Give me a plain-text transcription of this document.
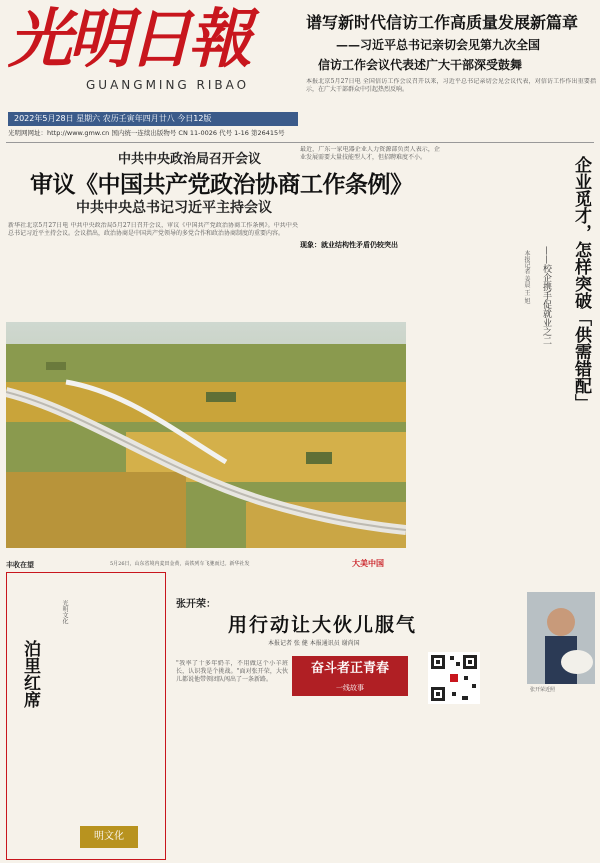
光明日報
GUANGMING RIBAO
2022年5月28日 星期六 农历壬寅年四月廿八 今日12版
光明网网址：http://www.gmw.cn 国内统一连续出版物号 CN 11-0026 代号 1-16 第26415号
谱写新时代信访工作高质量发展新篇章
——习近平总书记亲切会见第九次全国
信访工作会议代表述广大干部深受鼓舞
本报北京5月27日电 全国信访工作会议召开以来，习近平总书记亲切会见会议代表，对信访工作作出重要指示，在广大干部群众中引起热烈反响。
中共中央政治局召开会议
审议《中国共产党政治协商工作条例》
中共中央总书记习近平主持会议
新华社北京5月27日电 中共中央政治局5月27日召开会议，审议《中国共产党政治协商工作条例》。中共中央总书记习近平主持会议。会议指出，政治协商是中国共产党领导的多党合作和政治协商制度的重要内容。
丰收在望	5月26日，山东省境内麦田金黄，高铁列车飞驰而过。新华社发	大美中国
最近，广东一家电器企业人力资源部负责人表示，企业发展需要大量技能型人才，但招聘难度不小。
现象：就业结构性矛盾仍较突出	企业觅才，怎样突破「供需错配」
——校企携手促就业之二
本报记者 姜晨 王 旭
泊里红席
明文化
光明文化	张开荣：
用行动让大伙儿服气
本报记者 张 健 本报通讯员 谢尚国
奋斗者正青春
一线故事	张开荣近照
"我率了十多年奶羊，不用做这个小羊班长，认识我是个挑战。"面对张开荣，大伙儿都说他带领团队闯出了一条新路。
